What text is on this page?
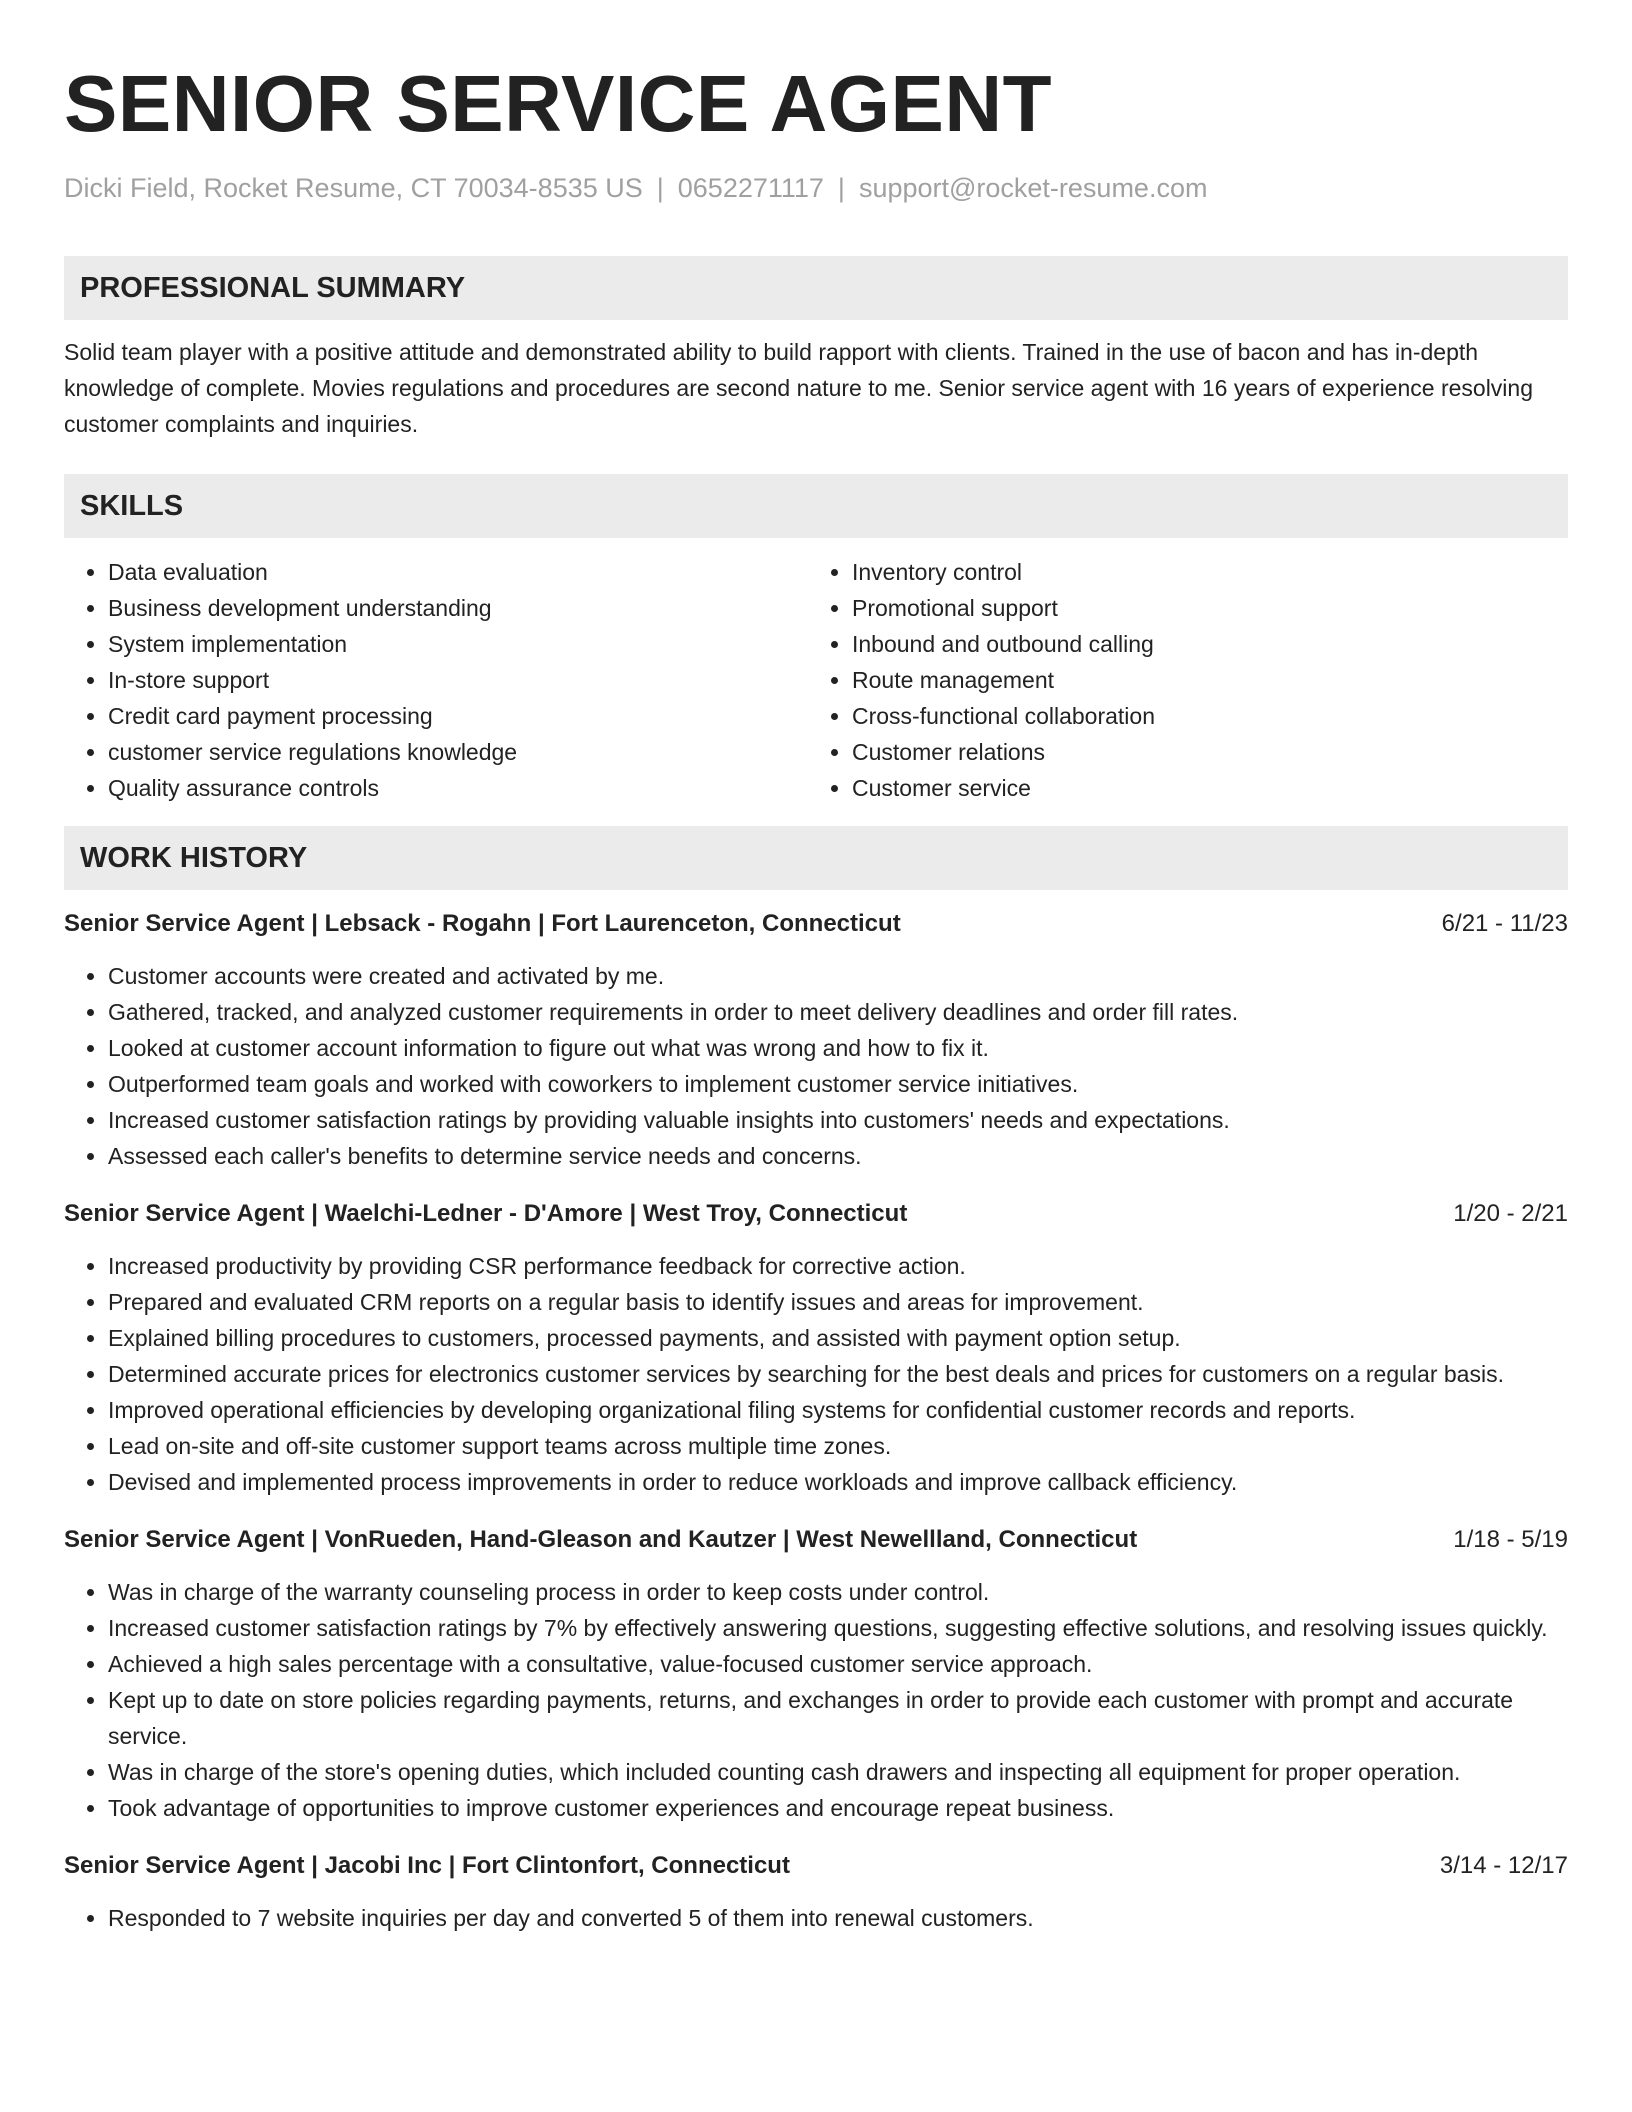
SENIOR SERVICE AGENT
Dicki Field, Rocket Resume, CT 70034-8535 US | 0652271117 | support@rocket-resume.com
PROFESSIONAL SUMMARY
Solid team player with a positive attitude and demonstrated ability to build rapport with clients. Trained in the use of bacon and has in-depth knowledge of complete. Movies regulations and procedures are second nature to me. Senior service agent with 16 years of experience resolving customer complaints and inquiries.
SKILLS
• Data evaluation
• Business development understanding
• System implementation
• In-store support
• Credit card payment processing
• customer service regulations knowledge
• Quality assurance controls
• Inventory control
• Promotional support
• Inbound and outbound calling
• Route management
• Cross-functional collaboration
• Customer relations
• Customer service
WORK HISTORY
Senior Service Agent | Lebsack - Rogahn | Fort Laurenceton, Connecticut	6/21 - 11/23
• Customer accounts were created and activated by me.
• Gathered, tracked, and analyzed customer requirements in order to meet delivery deadlines and order fill rates.
• Looked at customer account information to figure out what was wrong and how to fix it.
• Outperformed team goals and worked with coworkers to implement customer service initiatives.
• Increased customer satisfaction ratings by providing valuable insights into customers' needs and expectations.
• Assessed each caller's benefits to determine service needs and concerns.
Senior Service Agent | Waelchi-Ledner - D'Amore | West Troy, Connecticut	1/20 - 2/21
• Increased productivity by providing CSR performance feedback for corrective action.
• Prepared and evaluated CRM reports on a regular basis to identify issues and areas for improvement.
• Explained billing procedures to customers, processed payments, and assisted with payment option setup.
• Determined accurate prices for electronics customer services by searching for the best deals and prices for customers on a regular basis.
• Improved operational efficiencies by developing organizational filing systems for confidential customer records and reports.
• Lead on-site and off-site customer support teams across multiple time zones.
• Devised and implemented process improvements in order to reduce workloads and improve callback efficiency.
Senior Service Agent | VonRueden, Hand-Gleason and Kautzer | West Newellland, Connecticut	1/18 - 5/19
• Was in charge of the warranty counseling process in order to keep costs under control.
• Increased customer satisfaction ratings by 7% by effectively answering questions, suggesting effective solutions, and resolving issues quickly.
• Achieved a high sales percentage with a consultative, value-focused customer service approach.
• Kept up to date on store policies regarding payments, returns, and exchanges in order to provide each customer with prompt and accurate service.
• Was in charge of the store's opening duties, which included counting cash drawers and inspecting all equipment for proper operation.
• Took advantage of opportunities to improve customer experiences and encourage repeat business.
Senior Service Agent | Jacobi Inc | Fort Clintonfort, Connecticut	3/14 - 12/17
• Responded to 7 website inquiries per day and converted 5 of them into renewal customers.
